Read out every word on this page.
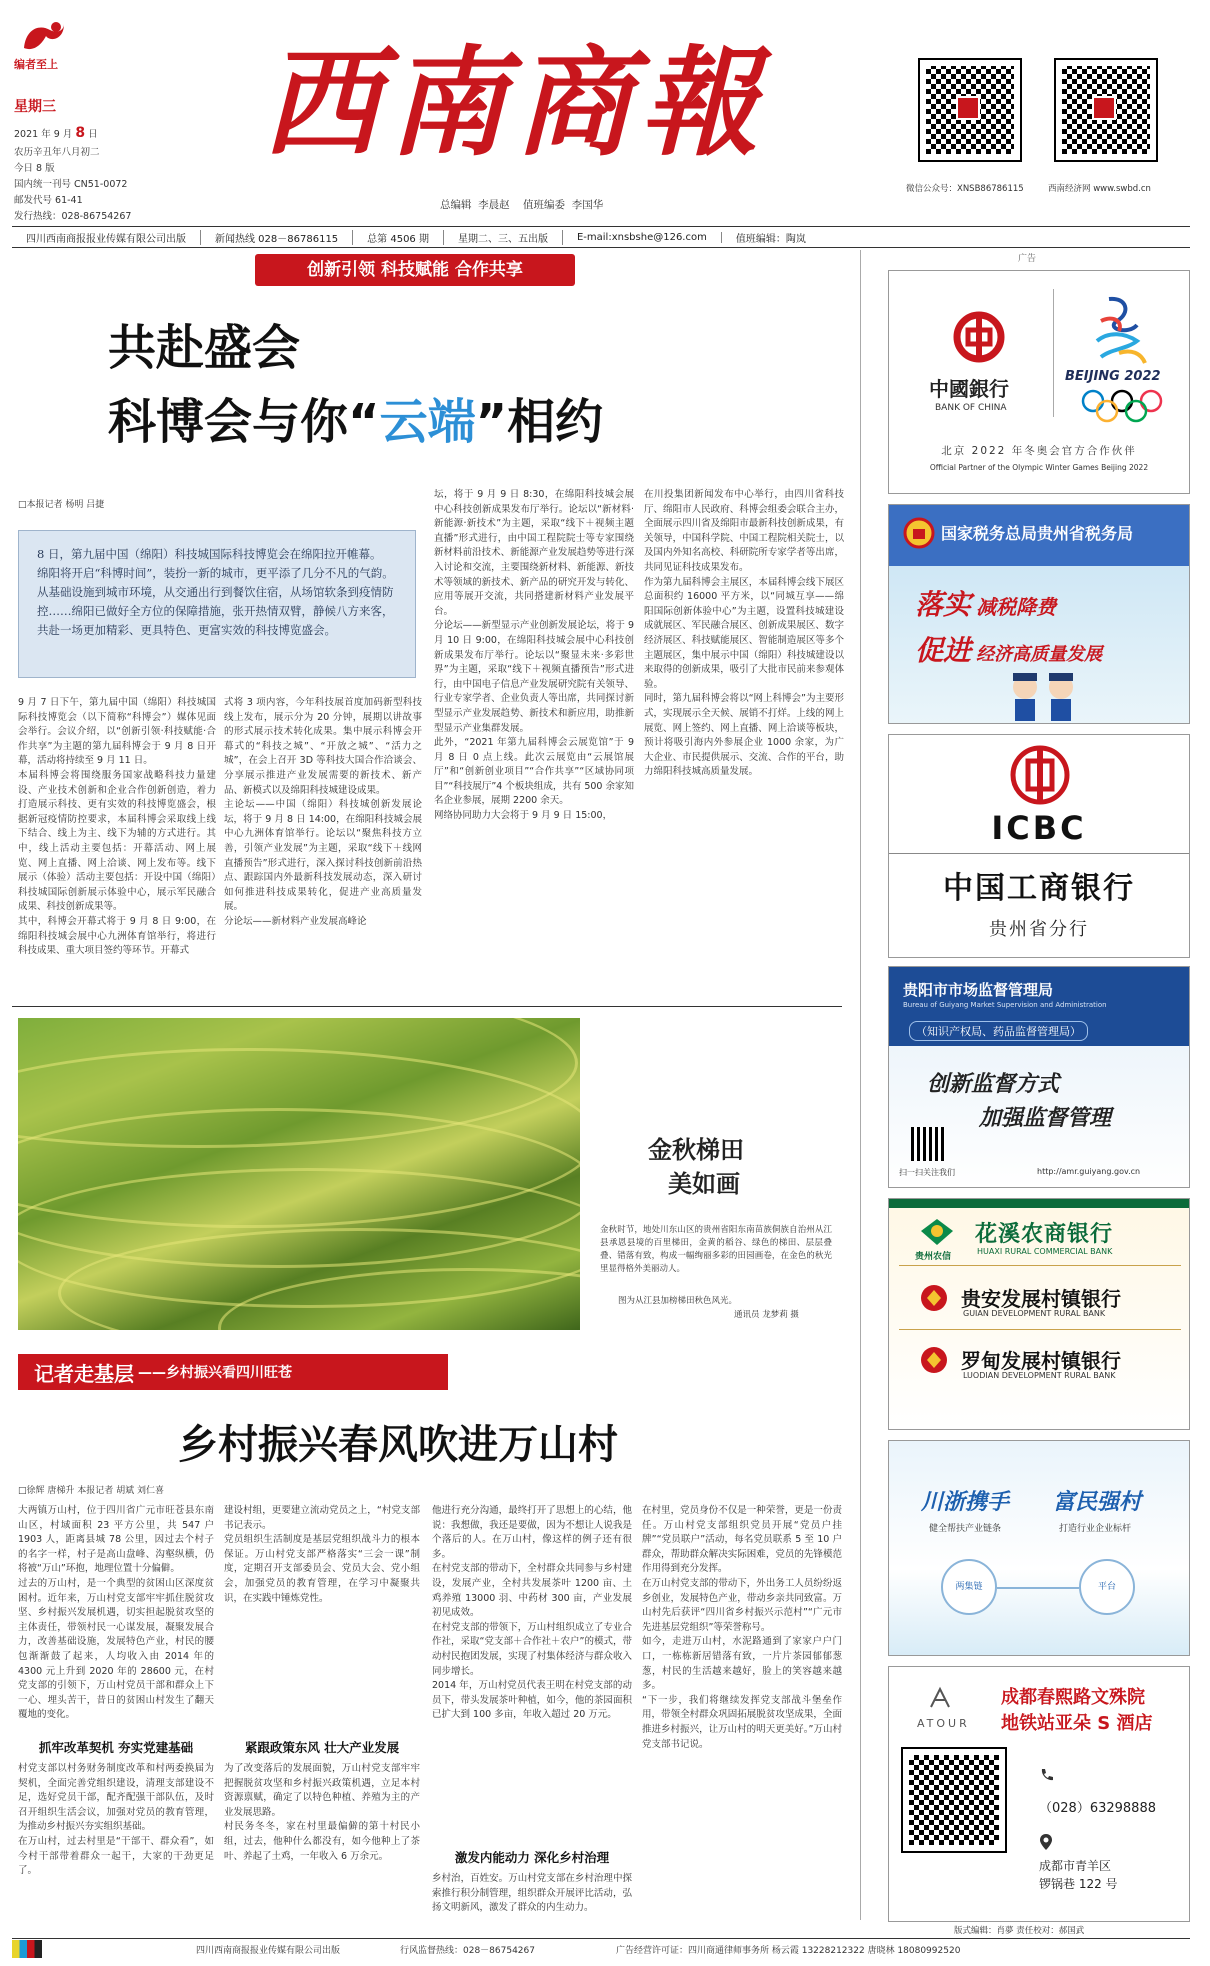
编者至上
星期三
2021 年 9 月 8 日
农历辛丑年八月初二
今日 8 版
国内统一刊号 CN51-0072
邮发代号 61-41
发行热线：028-86754267
西南商報
总编辑  李晨赵    值班编委  李国华
微信公众号：XNSB86786115	西南经济网 www.swbd.cn
四川西南商报报业传媒有限公司出版	新闻热线 028－86786115	总第 4506 期	星期二、三、五出版	E-mail:xnsbshe@126.com	值班编辑：陶岚
创新引领 科技赋能 合作共享
共赴盛会
科博会与你“云端”相约
□本报记者 杨明 吕捷
8 日，第九届中国（绵阳）科技城国际科技博览会在绵阳拉开帷幕。
绵阳将开启“科博时间”，装扮一新的城市，更平添了几分不凡的气韵。从基础设施到城市环境，从交通出行到餐饮住宿，从场馆软条到疫情防控……绵阳已做好全方位的保障措施，张开热情双臂，静候八方来客，共赴一场更加精彩、更具特色、更富实效的科技博览盛会。
9 月 7 日下午，第九届中国（绵阳）科技城国际科技博览会（以下简称“科博会”）媒体见面会举行。会议介绍，以“创新引领·科技赋能·合作共享”为主题的第九届科博会于 9 月 8 日开幕，活动将持续至 9 月 11 日。
本届科博会将围绕服务国家战略科技力量建设、产业技术创新和企业合作创新创造，着力打造展示科技、更有实效的科技博览盛会，根据新冠疫情防控要求，本届科博会采取线上线下结合、线上为主、线下为辅的方式进行。其中，线上活动主要包括：开幕活动、网上展览、网上直播、网上洽谈、网上发布等。线下展示（体验）活动主要包括：开设中国（绵阳）科技城国际创新展示体验中心，展示军民融合成果、科技创新成果等。
其中，科博会开幕式将于 9 月 8 日 9:00，在绵阳科技城会展中心九洲体育馆举行，将进行科技成果、重大项目签约等环节。开幕式
式将 3 项内容，今年科技展首度加码新型科技线上发布，展示分为 20 分钟，展期以讲故事的形式展示技术转化成果。集中展示科博会开幕式的“科技之城”、“开放之城”、“活力之城”，在会上召开 3D 等科技大国合作洽谈会、分享展示推进产业发展需要的新技术、新产品、新模式以及绵阳科技城建设成果。
主论坛——中国（绵阳）科技城创新发展论坛，将于 9 月 8 日 14:00，在绵阳科技城会展中心九洲体育馆举行。论坛以“聚焦科技方立善，引领产业发展”为主题，采取“线下＋线网直播预告”形式进行，深入探讨科技创新前沿热点、跟踪国内外最新科技发展动态，深入研讨如何推进科技成果转化，促进产业高质量发展。
分论坛——新材料产业发展高峰论
坛，将于 9 月 9 日 8:30，在绵阳科技城会展中心科技创新成果发布厅举行。论坛以“新材料·新能源·新技术”为主题，采取“线下＋视频主题直播”形式进行，由中国工程院院士等专家围绕新材料前沿技术、新能源产业发展趋势等进行深入讨论和交流，主要围绕新材料、新能源、新技术等领域的新技术、新产品的研究开发与转化、应用等展开交流，共同搭建新材料产业发展平台。
分论坛——新型显示产业创新发展论坛，将于 9 月 10 日 9:00，在绵阳科技城会展中心科技创新成果发布厅举行。论坛以“聚显未来·多彩世界”为主题，采取“线下＋视频直播预告”形式进行，由中国电子信息产业发展研究院有关领导、行业专家学者、企业负责人等出席，共同探讨新型显示产业发展趋势、新技术和新应用，助推新型显示产业集群发展。
此外，“2021 年第九届科博会云展览馆”于 9 月 8 日 0 点上线。此次云展览由“云展馆展厅”和“创新创业项目”“合作共享”“区域协同项目”“科技展厅”4 个板块组成，共有 500 余家知名企业参展，展期 2200 余天。
网络协同助力大会将于 9 月 9 日 15:00，
在川投集团新闻发布中心举行，由四川省科技厅、绵阳市人民政府、科博会组委会联合主办，全面展示四川省及绵阳市最新科技创新成果，有关领导，中国科学院、中国工程院相关院士，以及国内外知名高校、科研院所专家学者等出席，共同见证科技成果发布。
作为第九届科博会主展区，本届科博会线下展区总面积约 16000 平方米，以“同城互享——绵阳国际创新体验中心”为主题，设置科技城建设成就展区、军民融合展区、创新成果展区、数字经济展区、科技赋能展区、智能制造展区等多个主题展区，集中展示中国（绵阳）科技城建设以来取得的创新成果，吸引了大批市民前来参观体验。
同时，第九届科博会将以“网上科博会”为主要形式，实现展示全天候、展销不打烊。上线的网上展览、网上签约、网上直播、网上洽谈等板块，预计将吸引海内外参展企业 1000 余家，为广大企业、市民提供展示、交流、合作的平台，助力绵阳科技城高质量发展。
金秋梯田
美如画
金秋时节，地处川东山区的贵州省阳东南苗族侗族自治州从江县承恩县境的百里梯田，金黄的稻谷、绿色的梯田、层层叠叠、错落有致，构成一幅绚丽多彩的田园画卷，在金色的秋光里显得格外美丽动人。
图为从江县加榜梯田秋色风光。
通讯员 龙梦莉 摄
记者走基层 ——乡村振兴看四川旺苍
乡村振兴春风吹进万山村
□徐辉 唐梯升 本报记者 胡斌 刘仁喜
大两镇万山村，位于四川省广元市旺苍县东南山区，村域面积 23 平方公里，共 547 户 1903 人，距离县城 78 公里，因过去个村子的名字一样，村子是高山盘峰、沟壑纵横，仍将被“万山”环抱，地理位置十分偏僻。
过去的万山村，是一个典型的贫困山区深度贫困村。近年来，万山村党支部牢牢抓住脱贫攻坚、乡村振兴发展机遇，切实担起脱贫攻坚的主体责任，带领村民一心谋发展，凝聚发展合力，改善基础设施，发展特色产业，村民的腰包渐渐鼓了起来，人均收入由 2014 年的 4300 元上升到 2020 年的 28600 元，在村党支部的引领下，万山村党员干部和群众上下一心、埋头苦干，昔日的贫困山村发生了翻天覆地的变化。
抓牢改革契机 夯实党建基础
村党支部以村务财务制度改革和村两委换届为契机，全面完善党组织建设，清理支部建设不足，选好党员干部，配齐配强干部队伍，及时召开组织生活会议，加强对党员的教育管理，为推动乡村振兴夯实组织基础。
在万山村，过去村里是“干部干、群众看”，如今村干部带着群众一起干，大家的干劲更足了。
建设村组，更要建立流动党员之上，“村党支部书记表示。
党员组织生活制度是基层党组织战斗力的根本保证。万山村党支部严格落实“三会一课”制度，定期召开支部委员会、党员大会、党小组会，加强党员的教育管理，在学习中凝聚共识，在实践中锤炼党性。
紧跟政策东风 壮大产业发展
为了改变落后的发展面貌，万山村党支部牢牢把握脱贫攻坚和乡村振兴政策机遇，立足本村资源禀赋，确定了以特色种植、养殖为主的产业发展思路。
村民务冬冬，家在村里最偏僻的第十村民小组，过去，他种什么都没有，如今他种上了茶叶、养起了土鸡，一年收入 6 万余元。
他进行充分沟通，最终打开了思想上的心结，他说：我想做，我还是要做，因为不想让人说我是个落后的人。在万山村，像这样的例子还有很多。
在村党支部的带动下，全村群众共同参与乡村建设，发展产业，全村共发展茶叶 1200 亩、土鸡养殖 13000 羽、中药材 300 亩，产业发展初见成效。
在村党支部的带领下，万山村组织成立了专业合作社，采取“党支部＋合作社＋农户”的模式，带动村民抱团发展，实现了村集体经济与群众收入同步增长。
2014 年，万山村党员代表王明在村党支部的动员下，带头发展茶叶种植，如今，他的茶园面积已扩大到 100 多亩，年收入超过 20 万元。
激发内能动力 深化乡村治理
乡村治，百姓安。万山村党支部在乡村治理中探索推行积分制管理，组织群众开展评比活动，弘扬文明新风，激发了群众的内生动力。
在村里，党员身份不仅是一种荣誉，更是一份责任。万山村党支部组织党员开展“党员户挂牌”“党员联户”活动，每名党员联系 5 至 10 户群众，帮助群众解决实际困难，党员的先锋模范作用得到充分发挥。
在万山村党支部的带动下，外出务工人员纷纷返乡创业，发展特色产业，带动乡亲共同致富。万山村先后获评“四川省乡村振兴示范村”“广元市先进基层党组织”等荣誉称号。
如今，走进万山村，水泥路通到了家家户户门口，一栋栋新居错落有致，一片片茶园郁郁葱葱，村民的生活越来越好，脸上的笑容越来越多。
“下一步，我们将继续发挥党支部战斗堡垒作用，带领全村群众巩固拓展脱贫攻坚成果，全面推进乡村振兴，让万山村的明天更美好。”万山村党支部书记说。
广告
中國銀行
BANK OF CHINA
BEIJING 2022
北京 2022 年冬奥会官方合作伙伴
Official Partner of the Olympic Winter Games Beijing 2022
国家税务总局贵州省税务局
落实 减税降费
促进 经济高质量发展
ICBC
中国工商银行
贵州省分行
贵阳市市场监督管理局
Bureau of Guiyang Market Supervision and Administration
（知识产权局、药品监督管理局）
创新监督方式
加强监督管理
扫一扫关注我们	http://amr.guiyang.gov.cn
贵州农信
花溪农商银行
HUAXI RURAL COMMERCIAL BANK
贵安发展村镇银行
GUIAN DEVELOPMENT RURAL BANK
罗甸发展村镇银行
LUODIAN DEVELOPMENT RURAL BANK
川浙携手 富民强村
健全帮扶产业链条	打造行业企业标杆
两集链	平台
ATOUR
成都春熙路文殊院
地铁站亚朵 S 酒店
（028）63298888
成都市青羊区
锣锅巷 122 号
版式编辑：肖夢 责任校对：郝国武
四川西南商报报业传媒有限公司出版	行风监督热线：028－86754267	广告经营许可证：四川商通律师事务所 杨云霞 13228212322 唐晓林 18080992520
